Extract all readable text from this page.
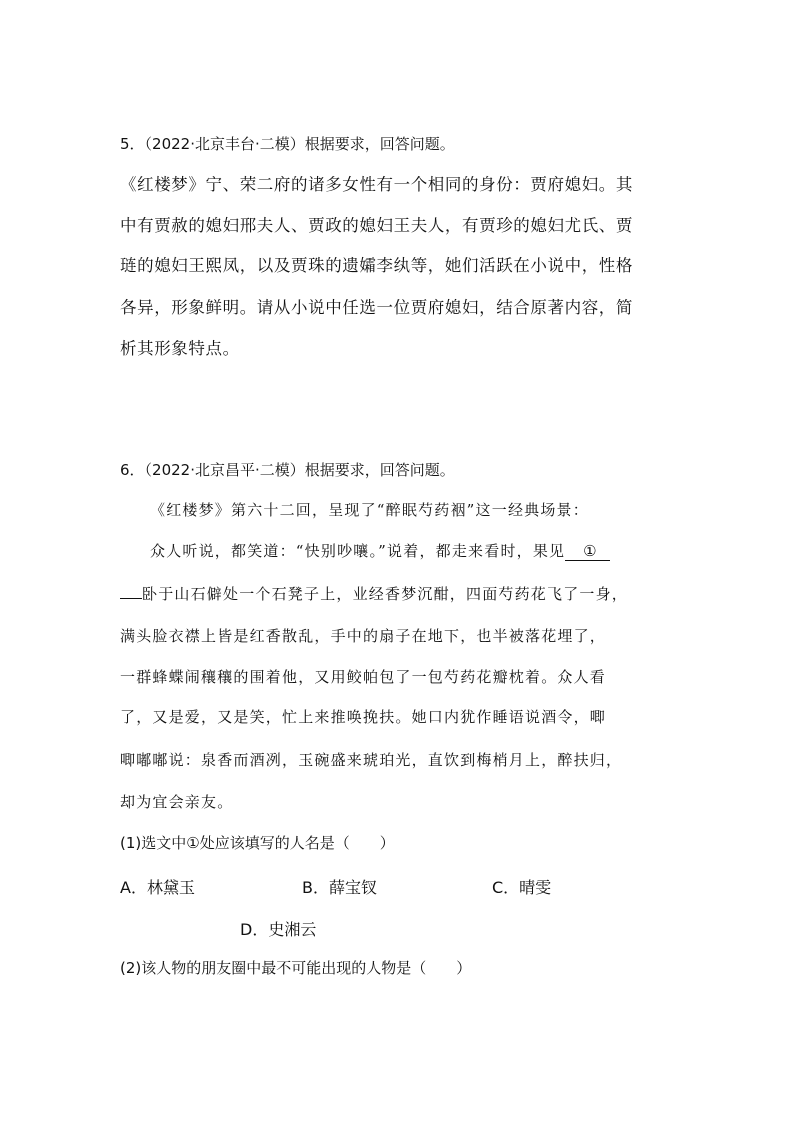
5．（2022·北京丰台·二模）根据要求，回答问题。
《红楼梦》宁、荣二府的诸多女性有一个相同的身份：贾府媳妇。其
中有贾赦的媳妇邢夫人、贾政的媳妇王夫人，有贾珍的媳妇尤氏、贾
琏的媳妇王熙凤，以及贾珠的遗孀李纨等，她们活跃在小说中，性格
各异，形象鲜明。请从小说中任选一位贾府媳妇，结合原著内容，简
析其形象特点。
6．（2022·北京昌平·二模）根据要求，回答问题。
《红楼梦》第六十二回，呈现了“醉眠芍药裀”这一经典场景：
众人听说，都笑道：“快别吵嚷。”说着，都走来看时，果见 ①
卧于山石僻处一个石凳子上，业经香梦沉酣，四面芍药花飞了一身，
满头脸衣襟上皆是红香散乱，手中的扇子在地下，也半被落花埋了，
一群蜂蝶闹穰穰的围着他，又用鲛帕包了一包芍药花瓣枕着。众人看
了，又是爱，又是笑，忙上来推唤挽扶。她口内犹作睡语说酒令，唧
唧嘟嘟说：泉香而酒冽，玉碗盛来琥珀光，直饮到梅梢月上，醉扶归，
却为宜会亲友。
(1)选文中①处应该填写的人名是（　　）
A．林黛玉	B．薛宝钗	C．晴雯
D．史湘云
(2)该人物的朋友圈中最不可能出现的人物是（　　）
